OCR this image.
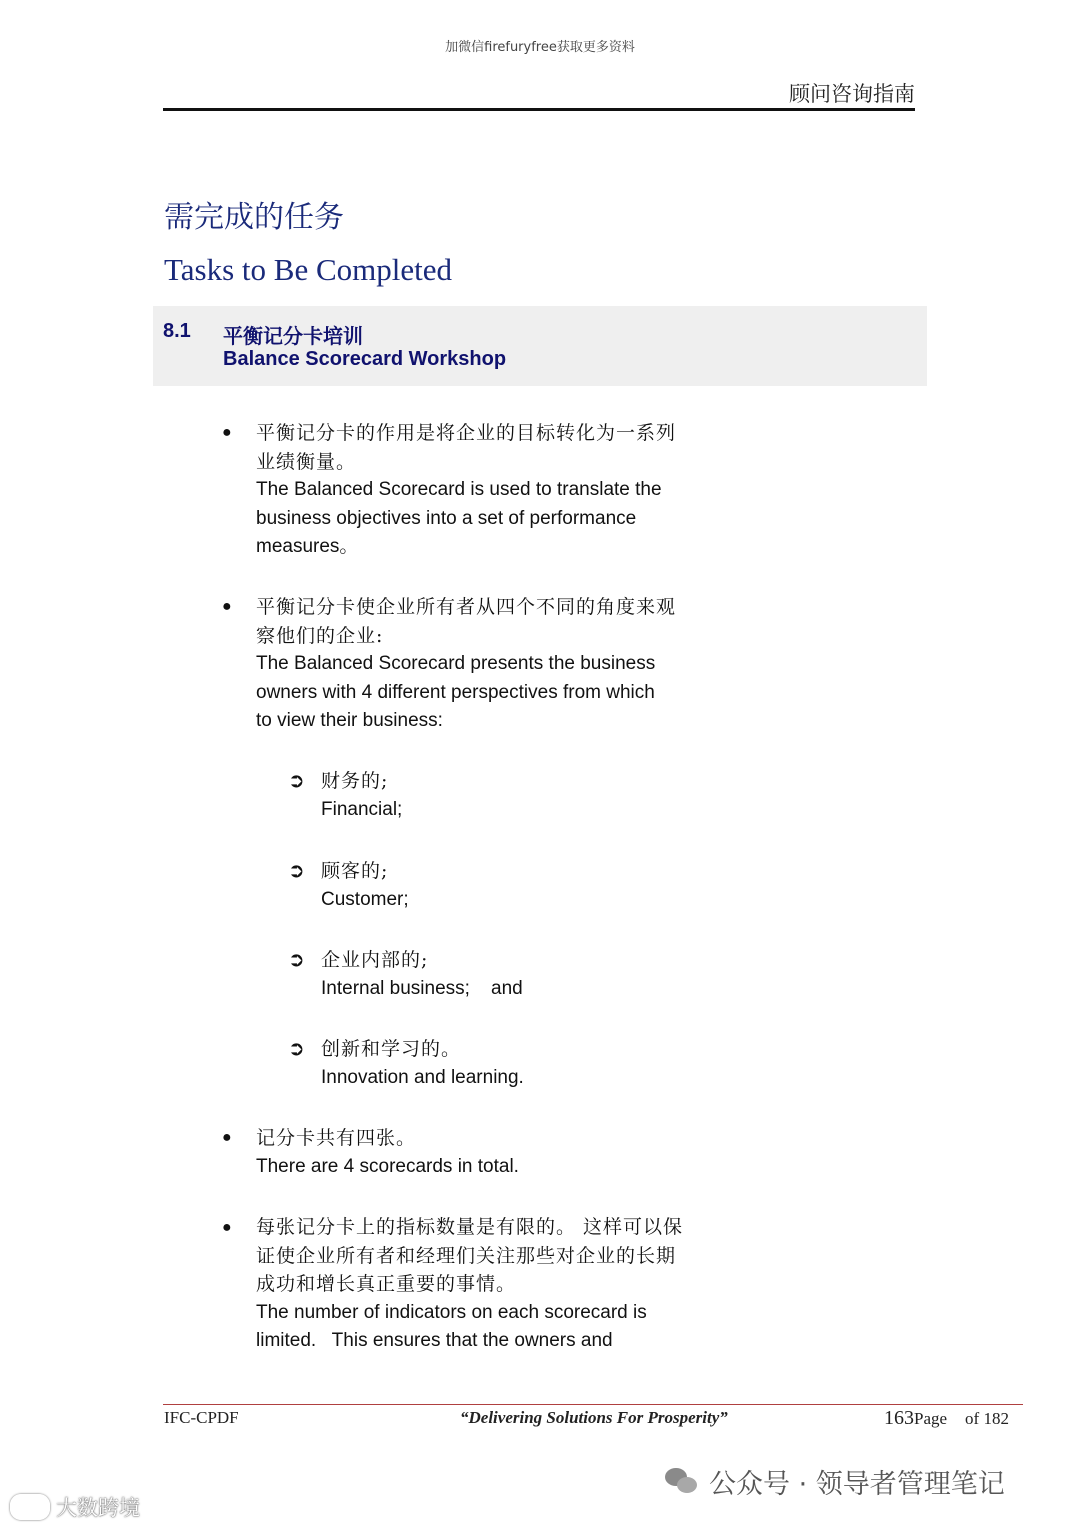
加微信firefuryfree获取更多资料
顾问咨询指南
需完成的任务
Tasks to Be Completed
8.1 平衡记分卡培训
Balance Scorecard Workshop
● 平衡记分卡的作用是将企业的目标转化为一系列
业绩衡量。
The Balanced Scorecard is used to translate the
business objectives into a set of performance
measures。
● 平衡记分卡使企业所有者从四个不同的角度来观
察他们的企业:
The Balanced Scorecard presents the business
owners with 4 different perspectives from which
to view their business:
➲ 财务的;
Financial;
➲ 顾客的;
Customer;
➲ 企业内部的;
Internal business;    and
➲ 创新和学习的。
Innovation and learning.
● 记分卡共有四张。
There are 4 scorecards in total.
● 每张记分卡上的指标数量是有限的。 这样可以保
证使企业所有者和经理们关注那些对企业的长期
成功和增长真正重要的事情。
The number of indicators on each scorecard is
limited.   This ensures that the owners and
IFC-CPDF	“Delivering Solutions For Prosperity”	163Page of 182
公众号 · 领导者管理笔记
大数跨境
